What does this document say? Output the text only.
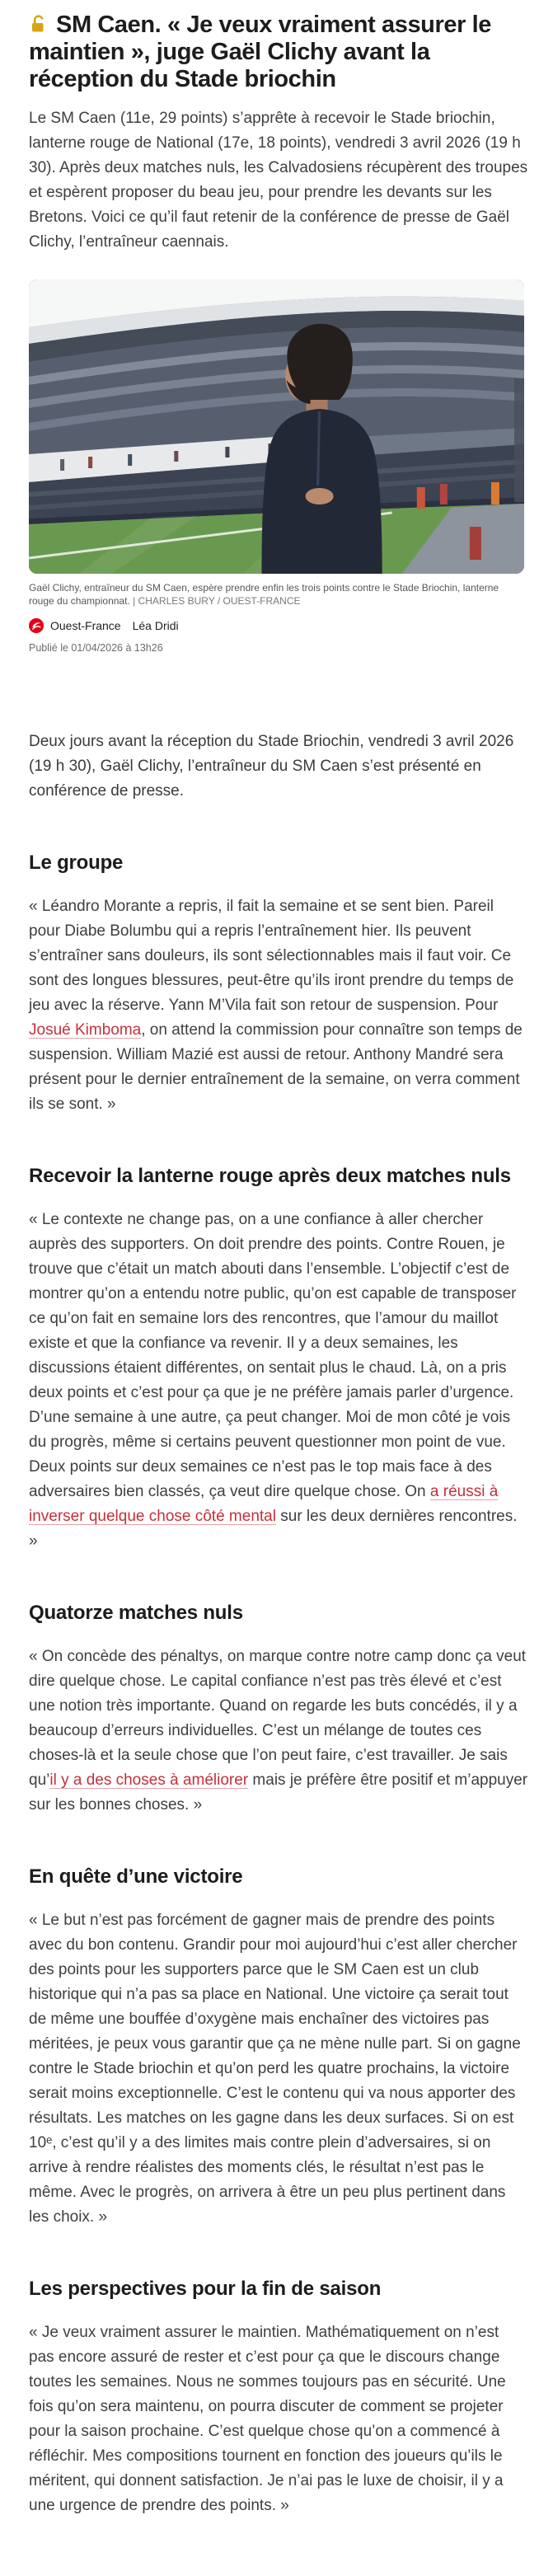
SM Caen. « Je veux vraiment assurer le maintien », juge Gaël Clichy avant la réception du Stade briochin

Le SM Caen (11e, 29 points) s’apprête à recevoir le Stade briochin, lanterne rouge de National (17e, 18 points), vendredi 3 avril 2026 (19 h 30). Après deux matches nuls, les Calvadosiens récupèrent des troupes et espèrent proposer du beau jeu, pour prendre les devants sur les Bretons. Voici ce qu’il faut retenir de la conférence de presse de Gaël Clichy, l’entraîneur caennais.

Gaël Clichy, entraîneur du SM Caen, espère prendre enfin les trois points contre le Stade Briochin, lanterne rouge du championnat. | CHARLES BURY / OUEST-FRANCE
Ouest-France Léa Dridi

Publié le 01/04/2026 à 13h26

Deux jours avant la réception du Stade Briochin, vendredi 3 avril 2026 (19 h 30), Gaël Clichy, l’entraîneur du SM Caen s’est présenté en conférence de presse.

Le groupe

« Léandro Morante a repris, il fait la semaine et se sent bien. Pareil pour Diabe Bolumbu qui a repris l’entraînement hier. Ils peuvent s’entraîner sans douleurs, ils sont sélectionnables mais il faut voir. Ce sont des longues blessures, peut-être qu’ils iront prendre du temps de jeu avec la réserve. Yann M’Vila fait son retour de suspension. Pour Josué Kimboma, on attend la commission pour connaître son temps de suspension. William Mazié est aussi de retour. Anthony Mandré sera présent pour le dernier entraînement de la semaine, on verra comment ils se sont. »

Recevoir la lanterne rouge après deux matches nuls

« Le contexte ne change pas, on a une confiance à aller chercher auprès des supporters. On doit prendre des points. Contre Rouen, je trouve que c’était un match abouti dans l’ensemble. L’objectif c’est de montrer qu’on a entendu notre public, qu’on est capable de transposer ce qu’on fait en semaine lors des rencontres, que l’amour du maillot existe et que la confiance va revenir. Il y a deux semaines, les discussions étaient différentes, on sentait plus le chaud. Là, on a pris deux points et c’est pour ça que je ne préfère jamais parler d’urgence. D’une semaine à une autre, ça peut changer. Moi de mon côté je vois du progrès, même si certains peuvent questionner mon point de vue. Deux points sur deux semaines ce n’est pas le top mais face à des adversaires bien classés, ça veut dire quelque chose. On a réussi à inverser quelque chose côté mental sur les deux dernières rencontres. »

Quatorze matches nuls

« On concède des pénaltys, on marque contre notre camp donc ça veut dire quelque chose. Le capital confiance n’est pas très élevé et c’est une notion très importante. Quand on regarde les buts concédés, il y a beaucoup d’erreurs individuelles. C’est un mélange de toutes ces choses-là et la seule chose que l’on peut faire, c’est travailler. Je sais qu’il y a des choses à améliorer mais je préfère être positif et m’appuyer sur les bonnes choses. »

En quête d’une victoire

« Le but n’est pas forcément de gagner mais de prendre des points avec du bon contenu. Grandir pour moi aujourd’hui c’est aller chercher des points pour les supporters parce que le SM Caen est un club historique qui n’a pas sa place en National. Une victoire ça serait tout de même une bouffée d’oxygène mais enchaîner des victoires pas méritées, je peux vous garantir que ça ne mène nulle part. Si on gagne contre le Stade briochin et qu’on perd les quatre prochains, la victoire serait moins exceptionnelle. C’est le contenu qui va nous apporter des résultats. Les matches on les gagne dans les deux surfaces. Si on est 10ᵉ, c’est qu’il y a des limites mais contre plein d’adversaires, si on arrive à rendre réalistes des moments clés, le résultat n’est pas le même. Avec le progrès, on arrivera à être un peu plus pertinent dans les choix. »

Les perspectives pour la fin de saison

« Je veux vraiment assurer le maintien. Mathématiquement on n’est pas encore assuré de rester et c’est pour ça que le discours change toutes les semaines. Nous ne sommes toujours pas en sécurité. Une fois qu’on sera maintenu, on pourra discuter de comment se projeter pour la saison prochaine. C’est quelque chose qu’on a commencé à réfléchir. Mes compositions tournent en fonction des joueurs qu’ils le méritent, qui donnent satisfaction. Je n’ai pas le luxe de choisir, il y a une urgence de prendre des points. »
